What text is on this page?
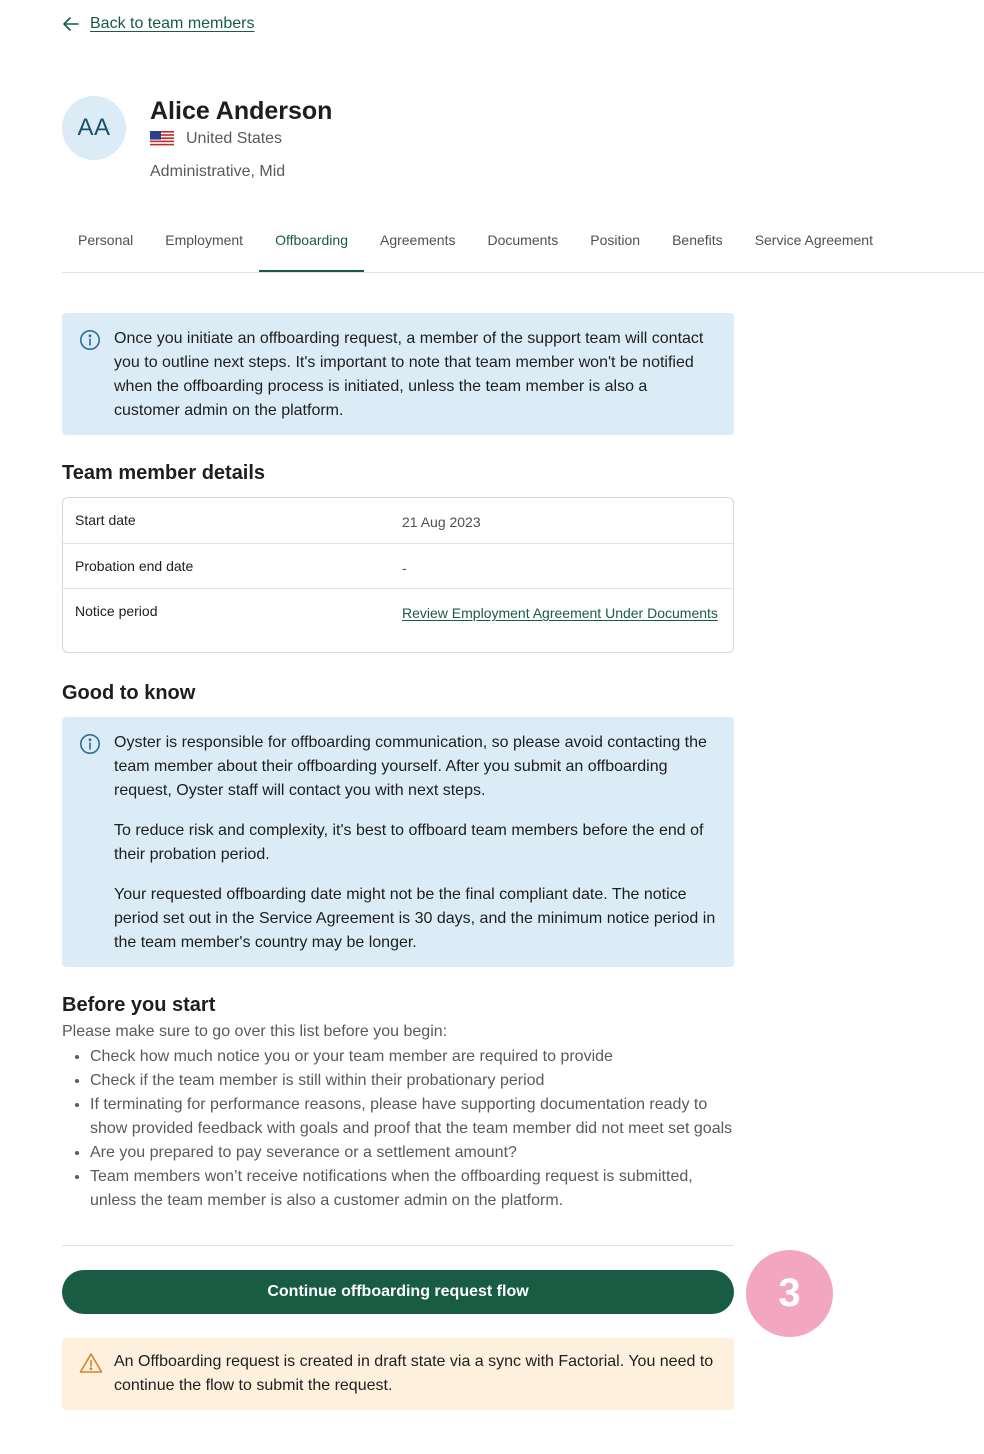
Back to team members
AA
Alice Anderson
United States
Administrative, Mid
Personal	Employment	Offboarding	Agreements	Documents	Position	Benefits	Service Agreement

Once you initiate an offboarding request, a member of the support team will contact you to outline next steps. It's important to note that team member won't be notified when the offboarding process is initiated, unless the team member is also a customer admin on the platform.

Team member details
Start date	21 Aug 2023
Probation end date	-
Notice period	Review Employment Agreement Under Documents
Good to know

Oyster is responsible for offboarding communication, so please avoid contacting the team member about their offboarding yourself. After you submit an offboarding request, Oyster staff will contact you with next steps.

To reduce risk and complexity, it's best to offboard team members before the end of their probation period.

Your requested offboarding date might not be the final compliant date. The notice period set out in the Service Agreement is 30 days, and the minimum notice period in the team member's country may be longer.

Before you start
Please make sure to go over this list before you begin:
• Check how much notice you or your team member are required to provide
• Check if the team member is still within their probationary period
• If terminating for performance reasons, please have supporting documentation ready to show provided feedback with goals and proof that the team member did not meet set goals
• Are you prepared to pay severance or a settlement amount?
• Team members won’t receive notifications when the offboarding request is submitted, unless the team member is also a customer admin on the platform.
Continue offboarding request flow	3

An Offboarding request is created in draft state via a sync with Factorial. You need to continue the flow to submit the request.
